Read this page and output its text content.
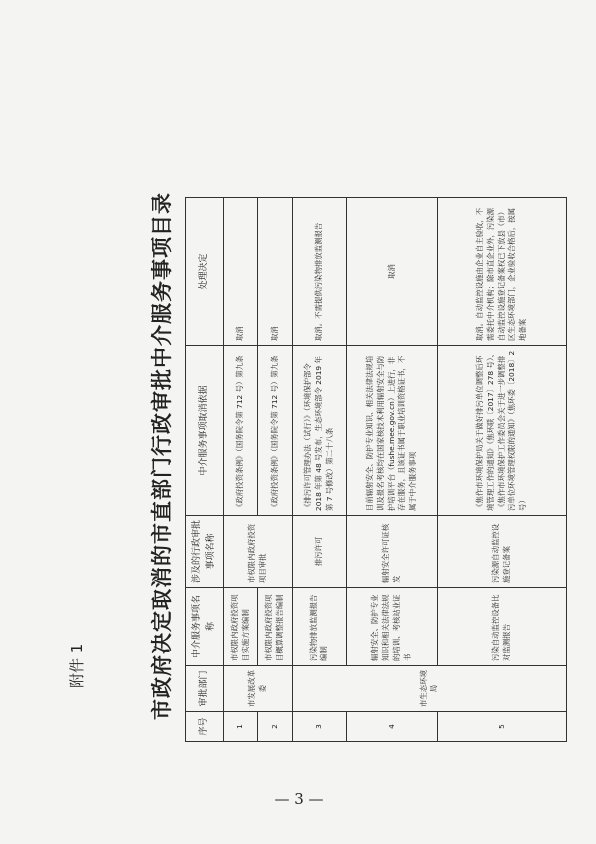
附件 1	市政府决定取消的市直部门行政审批中介服务事项目录
序号	审批部门	中介服务事项名称	涉及的行政审批事项名称	中介服务事项取消依据	处理决定
1	市发展改革委	市权限内政府投资项目实施方案编制	市权限内政府投资项目审批	《政府投资条例》（国务院令第 712 号）第九条	取消
2		市权限内政府投资项目概算调整报告编制		《政府投资条例》（国务院令第 712 号）第九条	取消
3	市生态环境局	污染物排放监测报告编制	排污许可	《排污许可管理办法（试行）》（环境保护部令 2018 年第 48 号发布，生态环境部令 2019 年第 7 号修改）第二十八条	取消。不需提供污染物排放监测报告
4		辐射安全、防护专业知识和相关法律法规的培训、考核站业证书	辐射安全许可证核发	目前辐射安全、防护专业知识、相关法律法规培训及报名考核均在国家核技术利用辐射安全与防护培训平台（fushe.mee.gov.cn）上进行，非存在服务，且该证书属于职业培训资格证书，不属于中介服务事项	取消
5		污染自动监控设备比对监测报告	污染源自动监控设施登记备案	《焦作市环境保护局关于做好排污单位调整后环境管理工作的通知》（焦环联〔2017〕278 号）、《焦作市环境保护工作委员会关于进一步调整排污单位环境管理权限的通知》（焦环委〔2018〕2 号）	取消。自动监控设施由企业自主验收，不需委托中介机构；除市直企业外，污染源自动监控设施登记备案权已下放县（市）区生态环境部门，企业验收合格后，按属地备案
— 3 —
